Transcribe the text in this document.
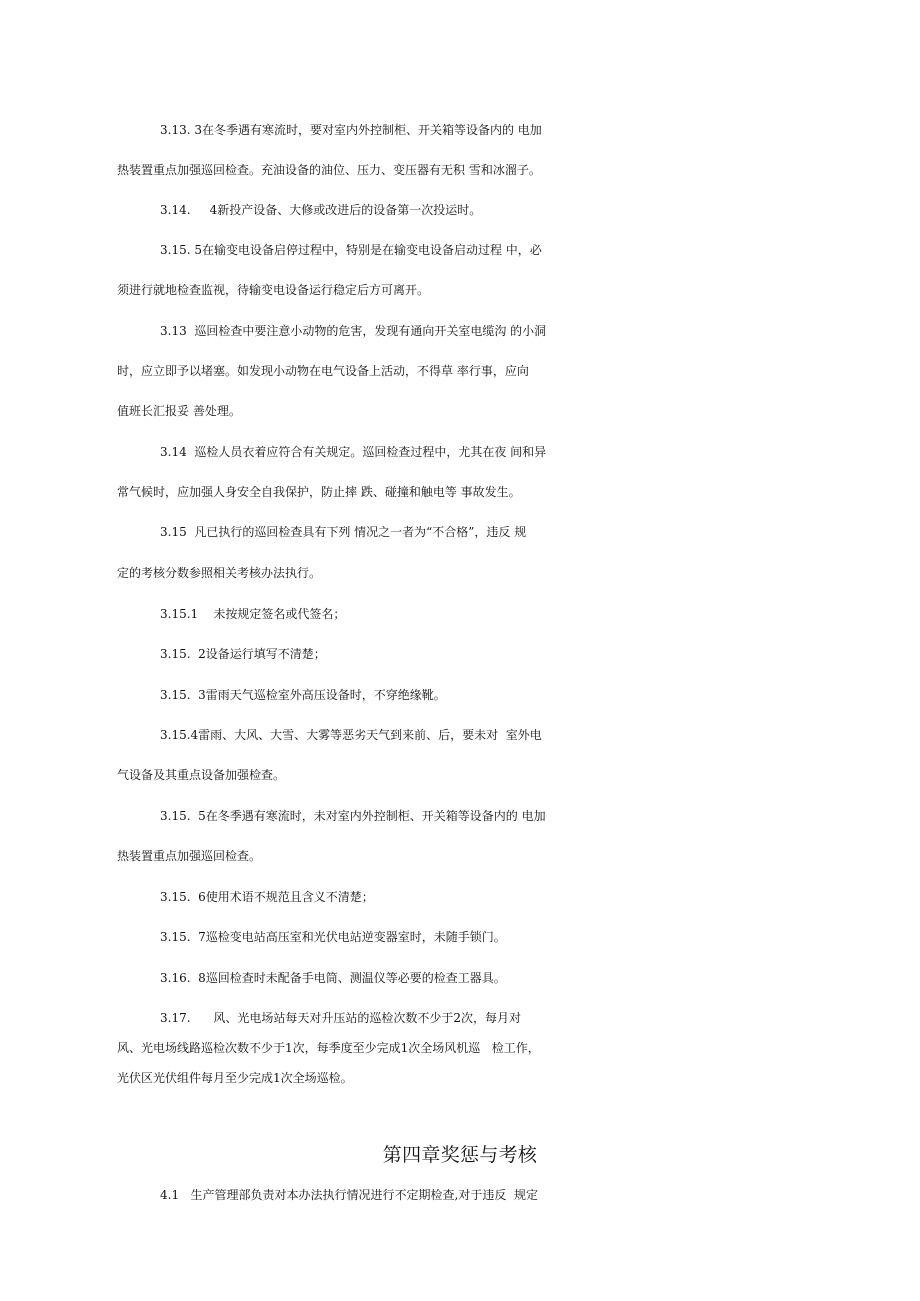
3.13. 3在冬季遇有寒流时，要对室内外控制柜、开关箱等设备内的 电加
热装置重点加强巡回检查。充油设备的油位、压力、变压器有无积 雪和冰溜子。
3.14.     4新投产设备、大修或改进后的设备第一次投运时。
3.15. 5在输变电设备启停过程中，特别是在输变电设备启动过程 中，必
须进行就地检查监视，待输变电设备运行稳定后方可离开。
3.13  巡回检查中要注意小动物的危害，发现有通向开关室电缆沟 的小洞
时，应立即予以堵塞。如发现小动物在电气设备上活动，不得草 率行事，应向
值班长汇报妥 善处理。
3.14  巡检人员衣着应符合有关规定。巡回检查过程中，尤其在夜 间和异
常气候时，应加强人身安全自我保护，防止摔 跌、碰撞和触电等 事故发生。
3.15  凡已执行的巡回检查具有下列 情况之一者为“不合格”，违反 规
定的考核分数参照相关考核办法执行。
3.15.1    未按规定签名或代签名；
3.15.  2设备运行填写不清楚；
3.15.  3雷雨天气巡检室外高压设备时，不穿绝缘靴。
3.15.4雷雨、大风、大雪、大雾等恶劣天气到来前、后，要未对  室外电
气设备及其重点设备加强检查。
3.15.  5在冬季遇有寒流时，未对室内外控制柜、开关箱等设备内的 电加
热装置重点加强巡回检查。
3.15.  6使用术语不规范且含义不清楚；
3.15.  7巡检变电站高压室和光伏电站逆变器室时，未随手锁门。
3.16.  8巡回检查时未配备手电筒、测温仪等必要的检查工器具。
3.17.      风、光电场站每天对升压站的巡检次数不少于2次，每月对
风、光电场线路巡检次数不少于1次，每季度至少完成1次全场风机巡   检工作，
光伏区光伏组件每月至少完成1次全场巡检。
第四章奖惩与考核
4.1   生产管理部负责对本办法执行情况进行不定期检查,对于违反  规定
